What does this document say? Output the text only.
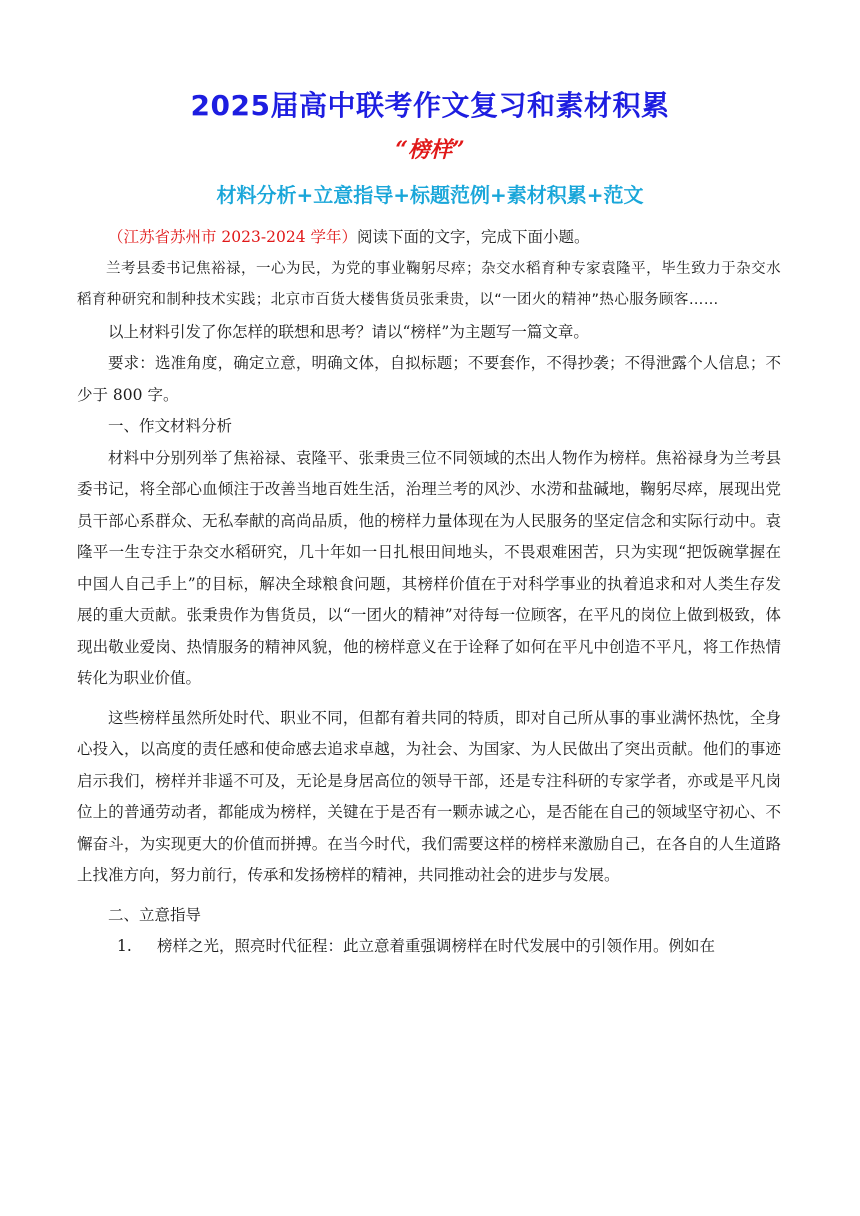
2025届高中联考作文复习和素材积累
“榜样”
材料分析+立意指导+标题范例+素材积累+范文

（江苏省苏州市 2023-2024 学年）阅读下面的文字，完成下面小题。

兰考县委书记焦裕禄，一心为民，为党的事业鞠躬尽瘁；杂交水稻育种专家袁隆平，毕生致力于杂交水稻育种研究和制种技术实践；北京市百货大楼售货员张秉贵，以“一团火的精神”热心服务顾客……

以上材料引发了你怎样的联想和思考？请以“榜样”为主题写一篇文章。

要求：选准角度，确定立意，明确文体，自拟标题；不要套作，不得抄袭；不得泄露个人信息；不少于 800 字。

一、作文材料分析

材料中分别列举了焦裕禄、袁隆平、张秉贵三位不同领域的杰出人物作为榜样。焦裕禄身为兰考县委书记，将全部心血倾注于改善当地百姓生活，治理兰考的风沙、水涝和盐碱地，鞠躬尽瘁，展现出党员干部心系群众、无私奉献的高尚品质，他的榜样力量体现在为人民服务的坚定信念和实际行动中。袁隆平一生专注于杂交水稻研究，几十年如一日扎根田间地头，不畏艰难困苦，只为实现“把饭碗掌握在中国人自己手上”的目标，解决全球粮食问题，其榜样价值在于对科学事业的执着追求和对人类生存发展的重大贡献。张秉贵作为售货员，以“一团火的精神”对待每一位顾客，在平凡的岗位上做到极致，体现出敬业爱岗、热情服务的精神风貌，他的榜样意义在于诠释了如何在平凡中创造不平凡，将工作热情转化为职业价值。

这些榜样虽然所处时代、职业不同，但都有着共同的特质，即对自己所从事的事业满怀热忱，全身心投入，以高度的责任感和使命感去追求卓越，为社会、为国家、为人民做出了突出贡献。他们的事迹启示我们，榜样并非遥不可及，无论是身居高位的领导干部，还是专注科研的专家学者，亦或是平凡岗位上的普通劳动者，都能成为榜样，关键在于是否有一颗赤诚之心，是否能在自己的领域坚守初心、不懈奋斗，为实现更大的价值而拼搏。在当今时代，我们需要这样的榜样来激励自己，在各自的人生道路上找准方向，努力前行，传承和发扬榜样的精神，共同推动社会的进步与发展。

二、立意指导

1.	榜样之光，照亮时代征程：此立意着重强调榜样在时代发展中的引领作用。例如在
